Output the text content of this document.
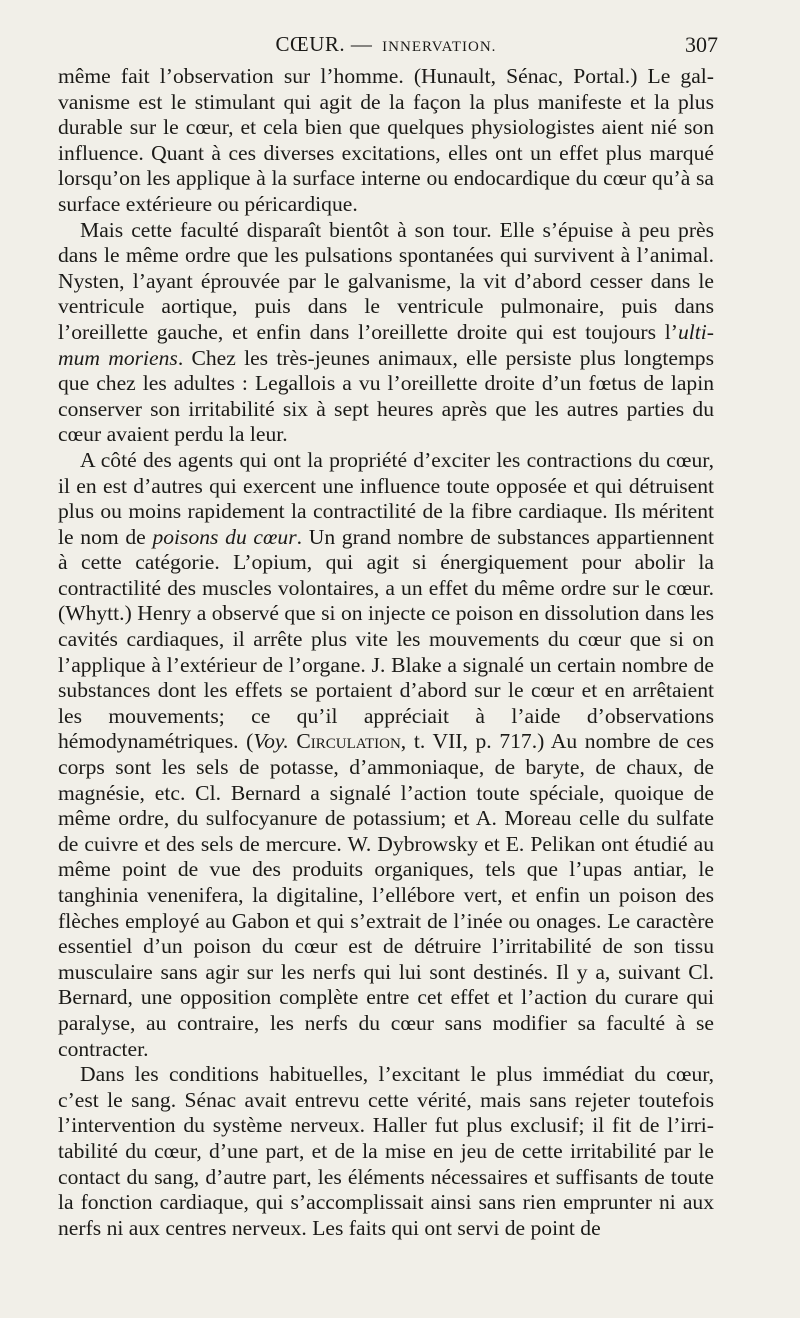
CŒUR. — INNERVATION.	307

même fait l’observation sur l’homme. (Hunault, Sénac, Portal.) Le galvanisme est le stimulant qui agit de la façon la plus manifeste et la plus durable sur le cœur, et cela bien que quelques physiologistes aient nié son influence. Quant à ces diverses excitations, elles ont un effet plus marqué lorsqu’on les applique à la surface interne ou endocardique du cœur qu’à sa surface extérieure ou péricardique.

Mais cette faculté disparaît bientôt à son tour. Elle s’épuise à peu près dans le même ordre que les pulsations spontanées qui survivent à l’animal. Nysten, l’ayant éprouvée par le galvanisme, la vit d’abord cesser dans le ventricule aortique, puis dans le ventricule pulmonaire, puis dans l’oreillette gauche, et enfin dans l’oreillette droite qui est toujours l’ultimum moriens. Chez les très-jeunes animaux, elle persiste plus longtemps que chez les adultes : Legallois a vu l’oreillette droite d’un fœtus de lapin conserver son irritabilité six à sept heures après que les autres parties du cœur avaient perdu la leur.

A côté des agents qui ont la propriété d’exciter les contractions du cœur, il en est d’autres qui exercent une influence toute opposée et qui détruisent plus ou moins rapidement la contractilité de la fibre cardiaque. Ils méritent le nom de poisons du cœur. Un grand nombre de substances appartiennent à cette catégorie. L’opium, qui agit si énergiquement pour abolir la contractilité des muscles volontaires, a un effet du même ordre sur le cœur. (Whytt.) Henry a observé que si on injecte ce poison en dissolution dans les cavités cardiaques, il arrête plus vite les mouvements du cœur que si on l’applique à l’extérieur de l’organe. J. Blake a signalé un certain nombre de substances dont les effets se portaient d’abord sur le cœur et en arrêtaient les mouvements; ce qu’il appréciait à l’aide d’observations hémodynamétriques. (Voy. Circulation, t. VII, p. 717.) Au nombre de ces corps sont les sels de potasse, d’ammoniaque, de baryte, de chaux, de magnésie, etc. Cl. Bernard a signalé l’action toute spéciale, quoique de même ordre, du sulfocyanure de potassium; et A. Moreau celle du sulfate de cuivre et des sels de mercure. W. Dybrowsky et E. Pelikan ont étudié au même point de vue des produits organiques, tels que l’upas antiar, le tanghinia venenifera, la digitaline, l’ellébore vert, et enfin un poison des flèches employé au Gabon et qui s’extrait de l’inée ou onages. Le caractère essentiel d’un poison du cœur est de détruire l’irritabilité de son tissu musculaire sans agir sur les nerfs qui lui sont destinés. Il y a, suivant Cl. Bernard, une opposition complète entre cet effet et l’action du curare qui paralyse, au contraire, les nerfs du cœur sans modifier sa faculté à se contracter.

Dans les conditions habituelles, l’excitant le plus immédiat du cœur, c’est le sang. Sénac avait entrevu cette vérité, mais sans rejeter toutefois l’intervention du système nerveux. Haller fut plus exclusif; il fit de l’irritabilité du cœur, d’une part, et de la mise en jeu de cette irritabilité par le contact du sang, d’autre part, les éléments nécessaires et suffisants de toute la fonction cardiaque, qui s’accomplissait ainsi sans rien emprunter ni aux nerfs ni aux centres nerveux. Les faits qui ont servi de point de
